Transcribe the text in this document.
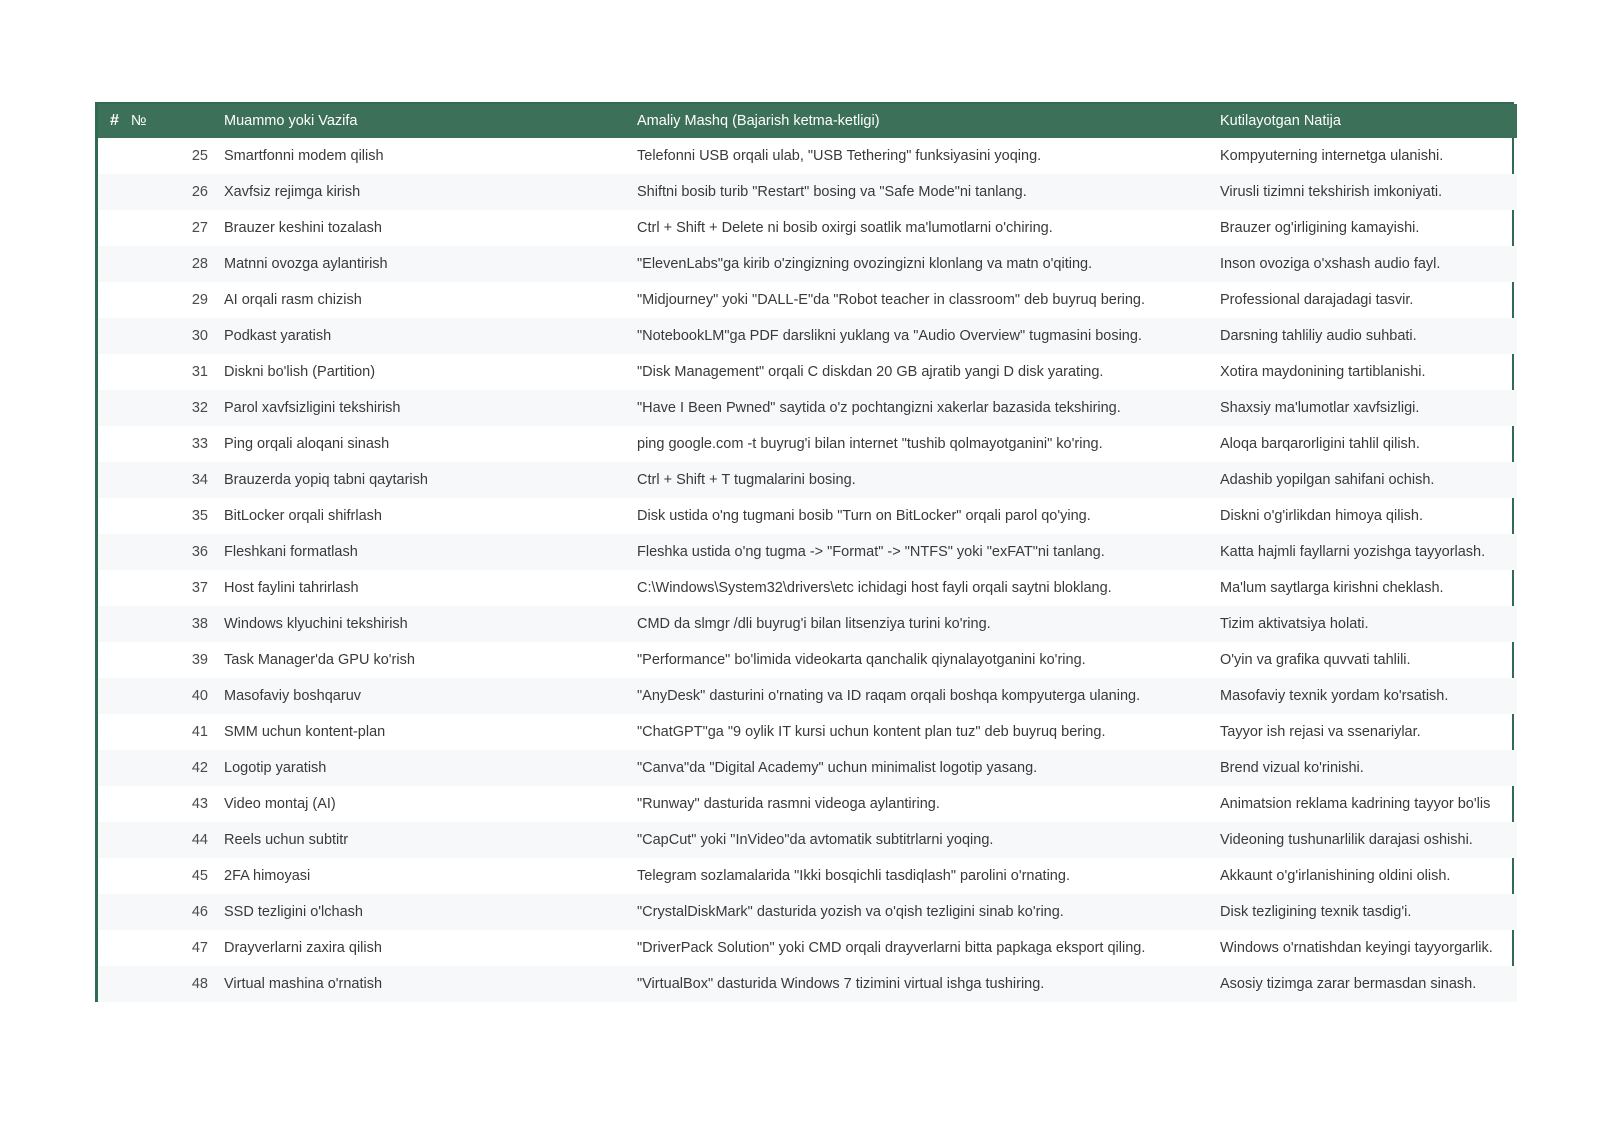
# №	Muammo yoki Vazifa	Amaliy Mashq (Bajarish ketma-ketligi)	Kutilayotgan Natija
25	Smartfonni modem qilish	Telefonni USB orqali ulab, "USB Tethering" funksiyasini yoqing.	Kompyuterning internetga ulanishi.
26	Xavfsiz rejimga kirish	Shiftni bosib turib "Restart" bosing va "Safe Mode"ni tanlang.	Virusli tizimni tekshirish imkoniyati.
27	Brauzer keshini tozalash	Ctrl + Shift + Delete ni bosib oxirgi soatlik ma'lumotlarni o'chiring.	Brauzer og'irligining kamayishi.
28	Matnni ovozga aylantirish	"ElevenLabs"ga kirib o'zingizning ovozingizni klonlang va matn o'qiting.	Inson ovoziga o'xshash audio fayl.
29	AI orqali rasm chizish	"Midjourney" yoki "DALL-E"da "Robot teacher in classroom" deb buyruq bering.	Professional darajadagi tasvir.
30	Podkast yaratish	"NotebookLM"ga PDF darslikni yuklang va "Audio Overview" tugmasini bosing.	Darsning tahliliy audio suhbati.
31	Diskni bo'lish (Partition)	"Disk Management" orqali C diskdan 20 GB ajratib yangi D disk yarating.	Xotira maydonining tartiblanishi.
32	Parol xavfsizligini tekshirish	"Have I Been Pwned" saytida o'z pochtangizni xakerlar bazasida tekshiring.	Shaxsiy ma'lumotlar xavfsizligi.
33	Ping orqali aloqani sinash	ping google.com -t buyrug'i bilan internet "tushib qolmayotganini" ko'ring.	Aloqa barqarorligini tahlil qilish.
34	Brauzerda yopiq tabni qaytarish	Ctrl + Shift + T tugmalarini bosing.	Adashib yopilgan sahifani ochish.
35	BitLocker orqali shifrlash	Disk ustida o'ng tugmani bosib "Turn on BitLocker" orqali parol qo'ying.	Diskni o'g'irlikdan himoya qilish.
36	Fleshkani formatlash	Fleshka ustida o'ng tugma -> "Format" -> "NTFS" yoki "exFAT"ni tanlang.	Katta hajmli fayllarni yozishga tayyorlash.
37	Host faylini tahrirlash	C:\Windows\System32\drivers\etc ichidagi host fayli orqali saytni bloklang.	Ma'lum saytlarga kirishni cheklash.
38	Windows klyuchini tekshirish	CMD da slmgr /dli buyrug'i bilan litsenziya turini ko'ring.	Tizim aktivatsiya holati.
39	Task Manager'da GPU ko'rish	"Performance" bo'limida videokarta qanchalik qiynalayotganini ko'ring.	O'yin va grafika quvvati tahlili.
40	Masofaviy boshqaruv	"AnyDesk" dasturini o'rnating va ID raqam orqali boshqa kompyuterga ulaning.	Masofaviy texnik yordam ko'rsatish.
41	SMM uchun kontent-plan	"ChatGPT"ga "9 oylik IT kursi uchun kontent plan tuz" deb buyruq bering.	Tayyor ish rejasi va ssenariylar.
42	Logotip yaratish	"Canva"da "Digital Academy" uchun minimalist logotip yasang.	Brend vizual ko'rinishi.
43	Video montaj (AI)	"Runway" dasturida rasmni videoga aylantiring.	Animatsion reklama kadrining tayyor bo'lis
44	Reels uchun subtitr	"CapCut" yoki "InVideo"da avtomatik subtitrlarni yoqing.	Videoning tushunarlilik darajasi oshishi.
45	2FA himoyasi	Telegram sozlamalarida "Ikki bosqichli tasdiqlash" parolini o'rnating.	Akkaunt o'g'irlanishining oldini olish.
46	SSD tezligini o'lchash	"CrystalDiskMark" dasturida yozish va o'qish tezligini sinab ko'ring.	Disk tezligining texnik tasdig'i.
47	Drayverlarni zaxira qilish	"DriverPack Solution" yoki CMD orqali drayverlarni bitta papkaga eksport qiling.	Windows o'rnatishdan keyingi tayyorgarlik.
48	Virtual mashina o'rnatish	"VirtualBox" dasturida Windows 7 tizimini virtual ishga tushiring.	Asosiy tizimga zarar bermasdan sinash.
